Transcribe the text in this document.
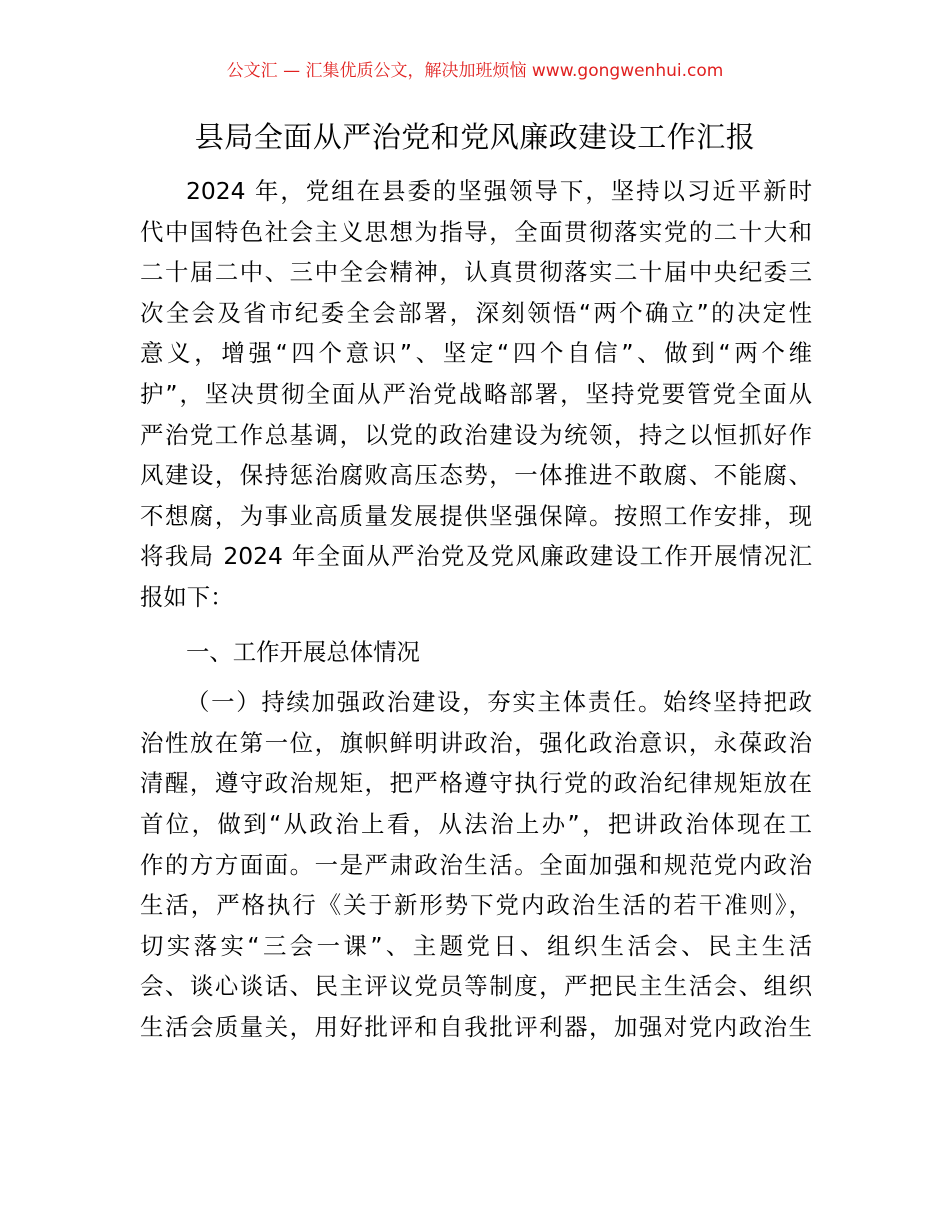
公文汇 — 汇集优质公文，解决加班烦恼 www.gongwenhui.com
县局全面从严治党和党风廉政建设工作汇报
2024 年，党组在县委的坚强领导下，坚持以习近平新时
代中国特色社会主义思想为指导，全面贯彻落实党的二十大和
二十届二中、三中全会精神，认真贯彻落实二十届中央纪委三
次全会及省市纪委全会部署，深刻领悟“两个确立”的决定性
意义，增强“四个意识”、坚定“四个自信”、做到“两个维
护”，坚决贯彻全面从严治党战略部署，坚持党要管党全面从
严治党工作总基调，以党的政治建设为统领，持之以恒抓好作
风建设，保持惩治腐败高压态势，一体推进不敢腐、不能腐、
不想腐，为事业高质量发展提供坚强保障。按照工作安排，现
将我局 2024 年全面从严治党及党风廉政建设工作开展情况汇
报如下：
一、工作开展总体情况
（一）持续加强政治建设，夯实主体责任。始终坚持把政
治性放在第一位，旗帜鲜明讲政治，强化政治意识，永葆政治
清醒，遵守政治规矩，把严格遵守执行党的政治纪律规矩放在
首位，做到“从政治上看，从法治上办”，把讲政治体现在工
作的方方面面。一是严肃政治生活。全面加强和规范党内政治
生活，严格执行《关于新形势下党内政治生活的若干准则》，
切实落实“三会一课”、主题党日、组织生活会、民主生活
会、谈心谈话、民主评议党员等制度，严把民主生活会、组织
生活会质量关，用好批评和自我批评利器，加强对党内政治生
